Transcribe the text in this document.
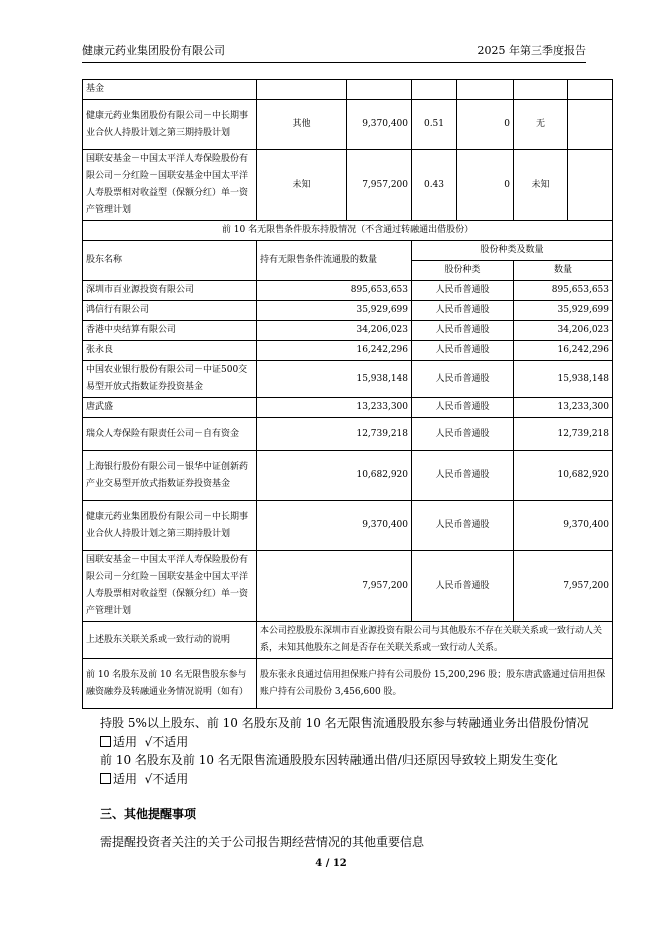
健康元药业集团股份有限公司	2025 年第三季度报告
基金						
健康元药业集团股份有限公司－中长期事业合伙人持股计划之第三期持股计划	其他	9,370,400	0.51	0	无	
国联安基金－中国太平洋人寿保险股份有限公司－分红险－国联安基金中国太平洋人寿股票相对收益型（保额分红）单一资产管理计划	未知	7,957,200	0.43	0	未知	
前 10 名无限售条件股东持股情况（不含通过转融通出借股份）						
股东名称	持有无限售条件流通股的数量		股份种类及数量			
			股份种类		数量	
深圳市百业源投资有限公司	895,653,653		人民币普通股		895,653,653	
鸿信行有限公司	35,929,699		人民币普通股		35,929,699	
香港中央结算有限公司	34,206,023		人民币普通股		34,206,023	
张永良	16,242,296		人民币普通股		16,242,296	
中国农业银行股份有限公司－中证500交易型开放式指数证券投资基金	15,938,148		人民币普通股		15,938,148	
唐武盛	13,233,300		人民币普通股		13,233,300	
瑞众人寿保险有限责任公司－自有资金	12,739,218		人民币普通股		12,739,218	
上海银行股份有限公司－银华中证创新药产业交易型开放式指数证券投资基金	10,682,920		人民币普通股		10,682,920	
健康元药业集团股份有限公司－中长期事业合伙人持股计划之第三期持股计划	9,370,400		人民币普通股		9,370,400	
国联安基金－中国太平洋人寿保险股份有限公司－分红险－国联安基金中国太平洋人寿股票相对收益型（保额分红）单一资产管理计划	7,957,200		人民币普通股		7,957,200	
上述股东关联关系或一致行动的说明	本公司控股股东深圳市百业源投资有限公司与其他股东不存在关联关系或一致行动人关系，未知其他股东之间是否存在关联关系或一致行动人关系。					
前 10 名股东及前 10 名无限售股东参与融资融券及转融通业务情况说明（如有）	股东张永良通过信用担保账户持有公司股份 15,200,296 股；股东唐武盛通过信用担保账户持有公司股份 3,456,600 股。					
持股 5%以上股东、前 10 名股东及前 10 名无限售流通股股东参与转融通业务出借股份情况
适用 √不适用
前 10 名股东及前 10 名无限售流通股股东因转融通出借/归还原因导致较上期发生变化
适用 √不适用
三、其他提醒事项
需提醒投资者关注的关于公司报告期经营情况的其他重要信息
4 / 12
